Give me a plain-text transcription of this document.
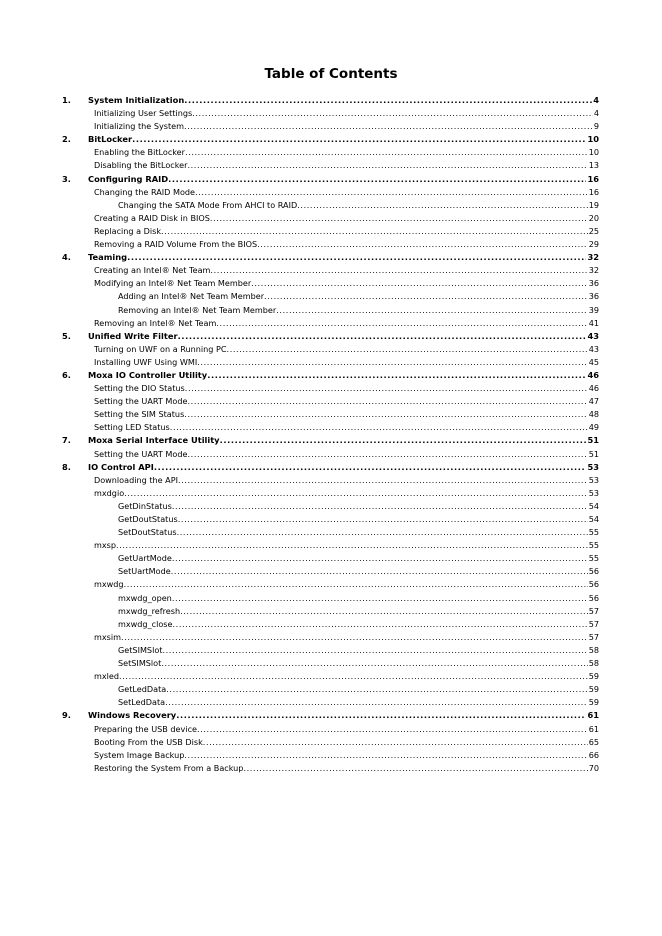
Table of Contents
1.	System Initialization .....	4
Initializing User Settings .....	4
Initializing the System .....	9
2.	BitLocker .....	10
Enabling the BitLocker .....	10
Disabling the BitLocker .....	13
3.	Configuring RAID .....	16
Changing the RAID Mode .....	16
Changing the SATA Mode From AHCI to RAID .....	19
Creating a RAID Disk in BIOS .....	20
Replacing a Disk .....	25
Removing a RAID Volume From the BIOS .....	29
4.	Teaming .....	32
Creating an Intel® Net Team .....	32
Modifying an Intel® Net Team Member .....	36
Adding an Intel® Net Team Member .....	36
Removing an Intel® Net Team Member .....	39
Removing an Intel® Net Team .....	41
5.	Unified Write Filter .....	43
Turning on UWF on a Running PC .....	43
Installing UWF Using WMI .....	45
6.	Moxa IO Controller Utility .....	46
Setting the DIO Status .....	46
Setting the UART Mode .....	47
Setting the SIM Status .....	48
Setting LED Status .....	49
7.	Moxa Serial Interface Utility .....	51
Setting the UART Mode .....	51
8.	IO Control API .....	53
Downloading the API .....	53
mxdgio .....	53
GetDinStatus .....	54
GetDoutStatus .....	54
SetDoutStatus .....	55
mxsp .....	55
GetUartMode .....	55
SetUartMode .....	56
mxwdg .....	56
mxwdg_open .....	56
mxwdg_refresh .....	57
mxwdg_close .....	57
mxsim .....	57
GetSIMSlot .....	58
SetSIMSlot .....	58
mxled .....	59
GetLedData .....	59
SetLedData .....	59
9.	Windows Recovery .....	61
Preparing the USB device .....	61
Booting From the USB Disk .....	65
System Image Backup .....	66
Restoring the System From a Backup .....	70
